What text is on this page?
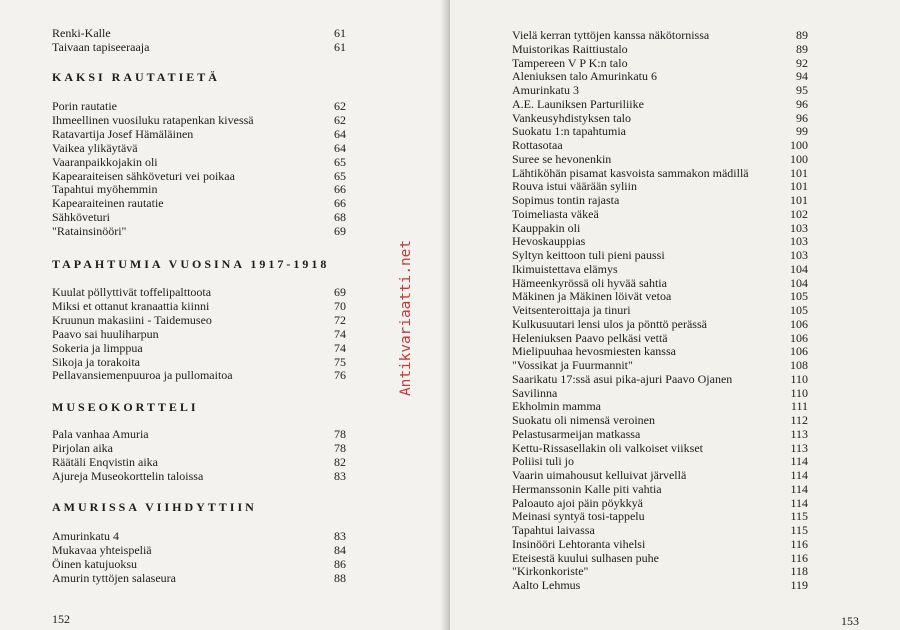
Renki-Kalle	61
Taivaan tapiseeraaja	61
KAKSI RAUTATIETÄ
Porin rautatie	62
Ihmeellinen vuosiluku ratapenkan kivessä	62
Ratavartija Josef Hämäläinen	64
Vaikea ylikäytävä	64
Vaaranpaikkojakin oli	65
Kapearaiteisen sähköveturi vei poikaa	65
Tapahtui myöhemmin	66
Kapearaiteinen rautatie	66
Sähköveturi	68
"Ratainsinööri"	69
TAPAHTUMIA VUOSINA 1917-1918
Kuulat pöllyttivät toffelipalttoota	69
Miksi et ottanut kranaattia kiinni	70
Kruunun makasiini - Taidemuseo	72
Paavo sai huuliharpun	74
Sokeria ja limppua	74
Sikoja ja torakoita	75
Pellavansiemenpuuroa ja pullomaitoa	76
MUSEOKORTTELI
Pala vanhaa Amuria	78
Pirjolan aika	78
Räätäli Enqvistin aika	82
Ajureja Museokorttelin taloissa	83
AMURISSA VIIHDYTTIIN
Amurinkatu 4	83
Mukavaa yhteispeliä	84
Öinen katujuoksu	86
Amurin tyttöjen salaseura	88
152
Vielä kerran tyttöjen kanssa näkötornissa	89
Muistorikas Raittiustalo	89
Tampereen V P K:n talo	92
Aleniuksen talo Amurinkatu 6	94
Amurinkatu 3	95
A.E. Launiksen Parturiliike	96
Vankeusyhdistyksen talo	96
Suokatu 1:n tapahtumia	99
Rottasotaa	100
Suree se hevonenkin	100
Lähtiköhän pisamat kasvoista sammakon mädillä	101
Rouva istui väärään syliin	101
Sopimus tontin rajasta	101
Toimeliasta väkeä	102
Kauppakin oli	103
Hevoskauppias	103
Syltyn keittoon tuli pieni paussi	103
Ikimuistettava elämys	104
Hämeenkyrössä oli hyvää sahtia	104
Mäkinen ja Mäkinen löivät vetoa	105
Veitsenteroittaja ja tinuri	105
Kulkusuutari lensi ulos ja pönttö perässä	106
Heleniuksen Paavo pelkäsi vettä	106
Mielipuuhaa hevosmiesten kanssa	106
"Vossikat ja Fuurmannit"	108
Saarikatu 17:ssä asui pika-ajuri Paavo Ojanen	110
Savilinna	110
Ekholmin mamma	111
Suokatu oli nimensä veroinen	112
Pelastusarmeijan matkassa	113
Kettu-Rissasellakin oli valkoiset viikset	113
Poliisi tuli jo	114
Vaarin uimahousut kelluivat järvellä	114
Hermanssonin Kalle piti vahtia	114
Paloauto ajoi päin pöykkyä	114
Meinasi syntyä tosi-tappelu	115
Tapahtui laivassa	115
Insinööri Lehtoranta vihelsi	116
Eteisestä kuului sulhasen puhe	116
"Kirkonkoriste"	118
Aalto Lehmus	119
153
Antikvariaatti.net
